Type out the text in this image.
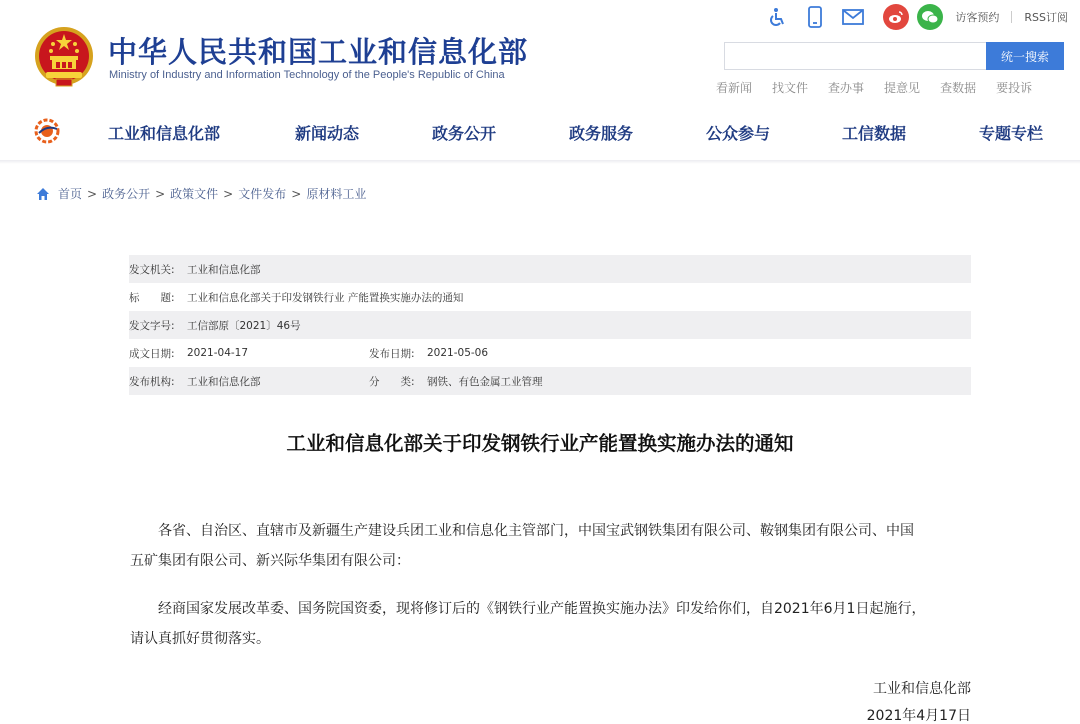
中华人民共和国工业和信息化部
Ministry of Industry and Information Technology of the People's Republic of China
访客预约 RSS订阅
统一搜索
看新闻 找文件 查办事 提意见 查数据 要投诉
工业和信息化部	新闻动态	政务公开	政务服务	公众参与	工信数据	专题专栏
首页 > 政务公开 > 政策文件 > 文件发布 > 原材料工业
发文机关:	工业和信息化部
标　　题:	工业和信息化部关于印发钢铁行业 产能置换实施办法的通知
发文字号:	工信部原〔2021〕46号
成文日期:	2021-04-17	发布日期:	2021-05-06
发布机构:	工业和信息化部	分　　类:	钢铁、有色金属工业管理
工业和信息化部关于印发钢铁行业产能置换实施办法的通知
各省、自治区、直辖市及新疆生产建设兵团工业和信息化主管部门，中国宝武钢铁集团有限公司、鞍钢集团有限公司、中国
五矿集团有限公司、新兴际华集团有限公司：
经商国家发展改革委、国务院国资委，现将修订后的《钢铁行业产能置换实施办法》印发给你们，自2021年6月1日起施行，
请认真抓好贯彻落实。
工业和信息化部
2021年4月17日
